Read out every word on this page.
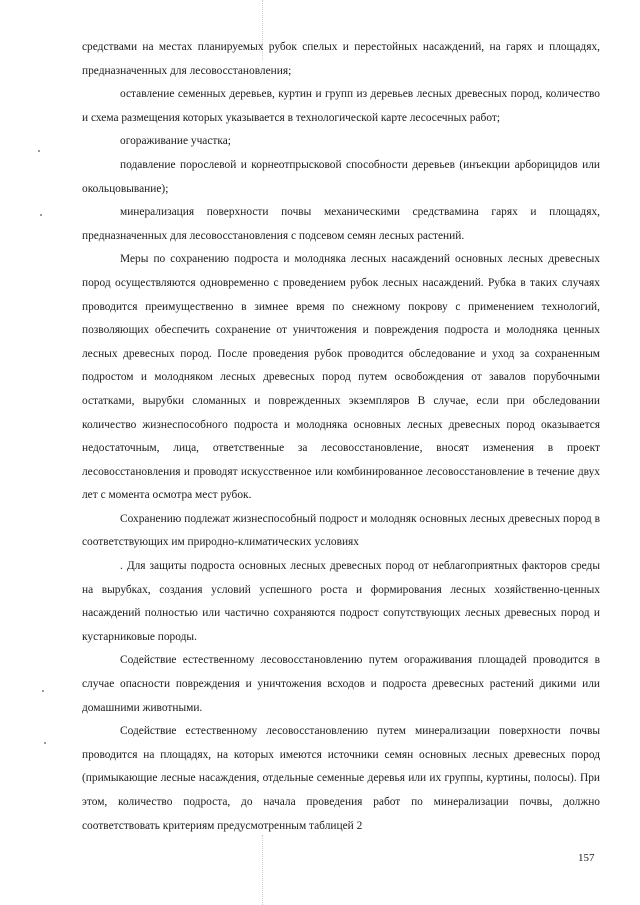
средствами на местах планируемых рубок спелых и перестойных насаждений, на гарях и площадях, предназначенных для лесовосстановления;

оставление семенных деревьев, куртин и групп из деревьев лесных древесных пород, количество и схема размещения которых указывается в технологической карте лесосечных работ;

огораживание участка;

подавление порослевой и корнеотпрысковой способности деревьев (инъекции арборицидов или окольцовывание);

минерализация поверхности почвы механическими средствамина гарях и площадях, предназначенных для лесовосстановления с подсевом семян лесных растений.

Меры по сохранению подроста и молодняка лесных насаждений основных лесных древесных пород осуществляются одновременно с проведением рубок лесных насаждений. Рубка в таких случаях проводится преимущественно в зимнее время по снежному покрову с применением технологий, позволяющих обеспечить сохранение от уничтожения и повреждения подроста и молодняка ценных лесных древесных пород. После проведения рубок проводится обследование и уход за сохраненным подростом и молодняком лесных древесных пород путем освобождения от завалов порубочными остатками, вырубки сломанных и поврежденных экземпляров В случае, если при обследовании количество жизнеспособного подроста и молодняка основных лесных древесных пород оказывается недостаточным, лица, ответственные за лесовосстановление, вносят изменения в проект лесовосстановления и проводят искусственное или комбинированное лесовосстановление в течение двух лет с момента осмотра мест рубок.

Сохранению подлежат жизнеспособный подрост и молодняк основных лесных древесных пород в соответствующих им природно-климатических условиях

. Для защиты подроста основных лесных древесных пород от неблагоприятных факторов среды на вырубках, создания условий успешного роста и формирования лесных хозяйственно-ценных насаждений полностью или частично сохраняются подрост сопутствующих лесных древесных пород и кустарниковые породы.

Содействие естественному лесовосстановлению путем огораживания площадей проводится в случае опасности повреждения и уничтожения всходов и подроста древесных растений дикими или домашними животными.

Содействие естественному лесовосстановлению путем минерализации поверхности почвы проводится на площадях, на которых имеются источники семян основных лесных древесных пород (примыкающие лесные насаждения, отдельные семенные деревья или их группы, куртины, полосы). При этом, количество подроста, до начала проведения работ по минерализации почвы, должно соответствовать критериям предусмотренным таблицей 2

157
